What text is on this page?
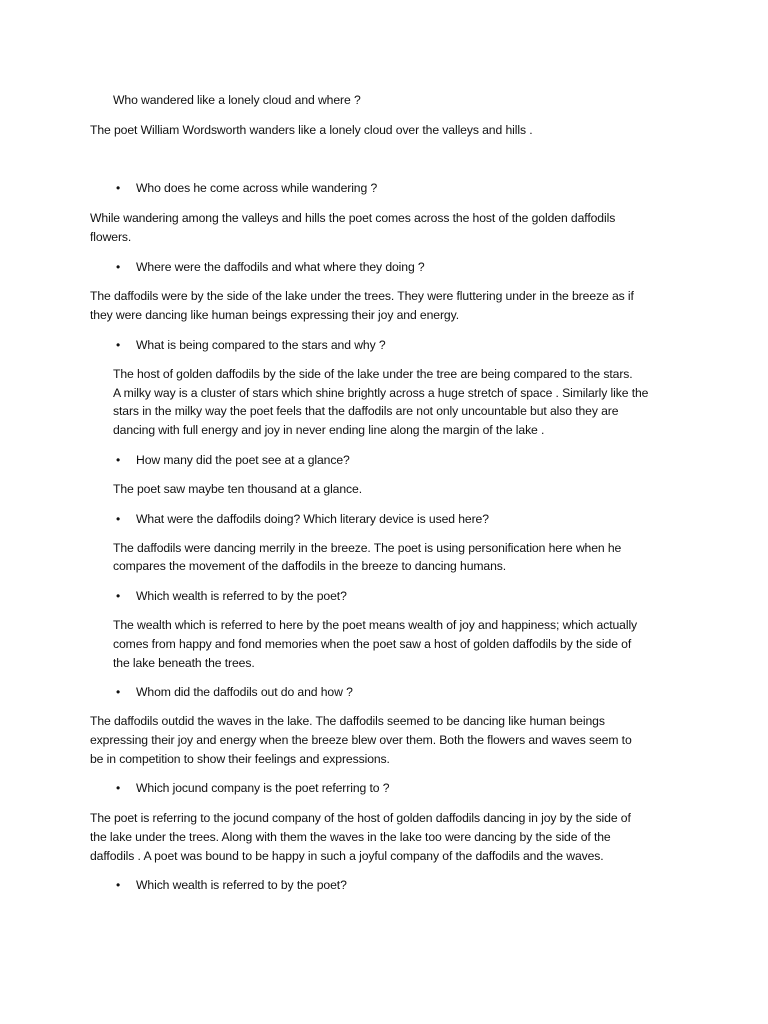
Who wandered like a lonely cloud and where ?
The poet William Wordsworth wanders like a lonely cloud over the valleys and hills .
• Who does he come across while wandering ?
While wandering among the valleys and hills the poet comes across the host of the golden daffodils
flowers.
• Where were the daffodils and what where they doing ?
The daffodils were by the side of the lake under the trees. They were fluttering under in the breeze as if
they were dancing like human beings expressing their joy and energy.
• What is being compared to the stars and why ?
The host of golden daffodils by the side of the lake under the tree are being compared to the stars.
A milky way is a cluster of stars which shine brightly across a huge stretch of space . Similarly like the
stars in the milky way the poet feels that the daffodils are not only uncountable but also they are
dancing with full energy and joy in never ending line along the margin of the lake .
• How many did the poet see at a glance?
The poet saw maybe ten thousand at a glance.
• What were the daffodils doing? Which literary device is used here?
The daffodils were dancing merrily in the breeze. The poet is using personification here when he
compares the movement of the daffodils in the breeze to dancing humans.
• Which wealth is referred to by the poet?
The wealth which is referred to here by the poet means wealth of joy and happiness; which actually
comes from happy and fond memories when the poet saw a host of golden daffodils by the side of
the lake beneath the trees.
• Whom did the daffodils out do and how ?
The daffodils outdid the waves in the lake. The daffodils seemed to be dancing like human beings
expressing their joy and energy when the breeze blew over them. Both the flowers and waves seem to
be in competition to show their feelings and expressions.
• Which jocund company is the poet referring to ?
The poet is referring to the jocund company of the host of golden daffodils dancing in joy by the side of
the lake under the trees. Along with them the waves in the lake too were dancing by the side of the
daffodils . A poet was bound to be happy in such a joyful company of the daffodils and the waves.
• Which wealth is referred to by the poet?
